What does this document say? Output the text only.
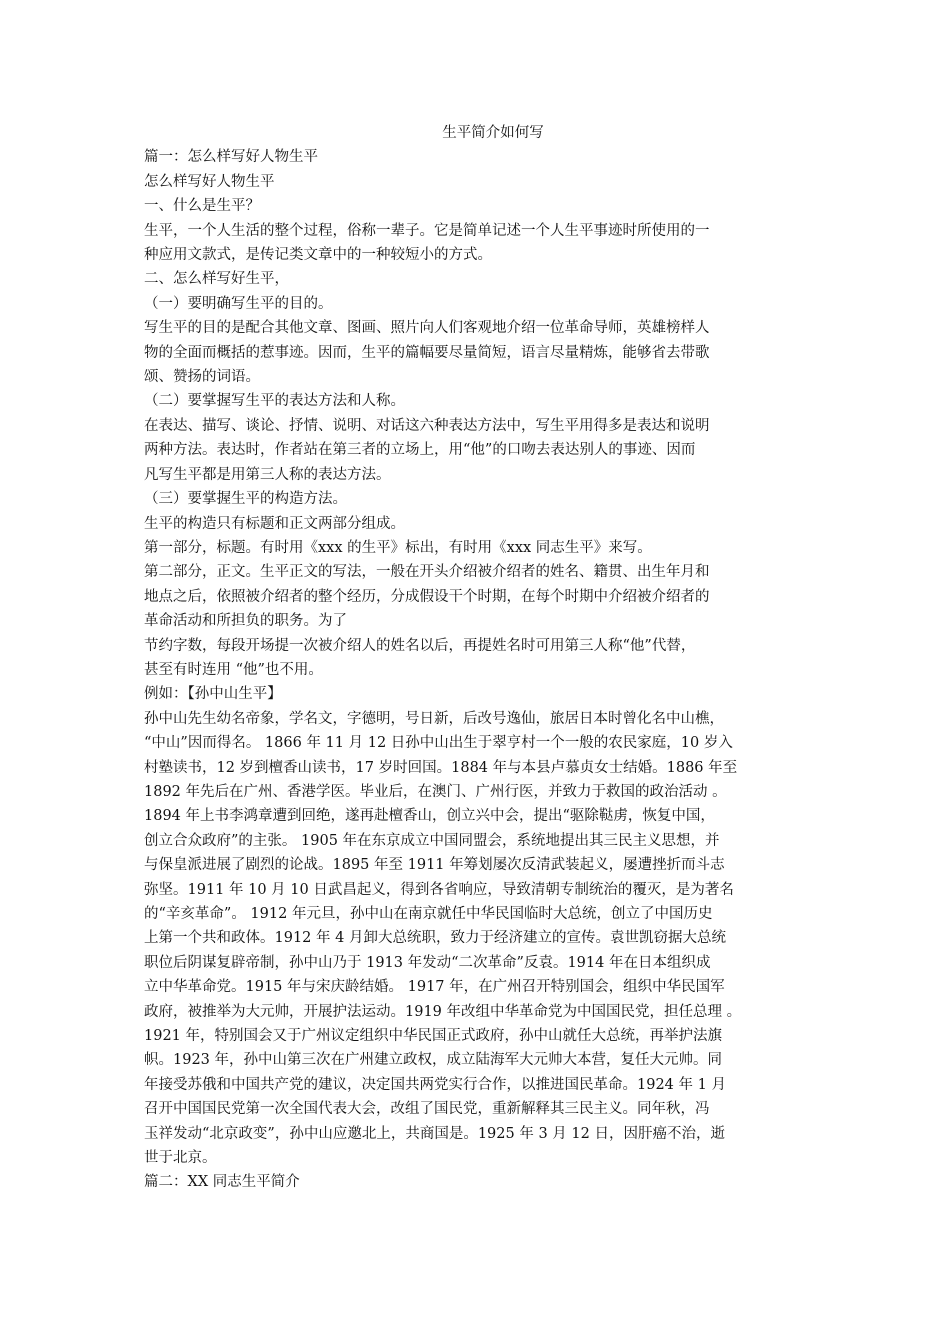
生平简介如何写

篇一：怎么样写好人物生平

怎么样写好人物生平

一、什么是生平？

生平，一个人生活的整个过程，俗称一辈子。它是简单记述一个人生平事迹时所使用的一

种应用文款式，是传记类文章中的一种较短小的方式。

二、怎么样写好生平，

（一）要明确写生平的目的。

写生平的目的是配合其他文章、图画、照片向人们客观地介绍一位革命导师，英雄榜样人

物的全面而概括的惹事迹。因而，生平的篇幅要尽量简短，语言尽量精炼，能够省去带歌

颂、赞扬的词语。

（二）要掌握写生平的表达方法和人称。

在表达、描写、谈论、抒情、说明、对话这六种表达方法中，写生平用得多是表达和说明

两种方法。表达时，作者站在第三者的立场上，用“他”的口吻去表达别人的事迹、因而

凡写生平都是用第三人称的表达方法。

（三）要掌握生平的构造方法。

生平的构造只有标题和正文两部分组成。

第一部分，标题。有时用《xxx 的生平》标出，有时用《xxx 同志生平》来写。

第二部分，正文。生平正文的写法，一般在开头介绍被介绍者的姓名、籍贯、出生年月和

地点之后，依照被介绍者的整个经历，分成假设干个时期，在每个时期中介绍被介绍者的

革命活动和所担负的职务。为了

节约字数，每段开场提一次被介绍人的姓名以后，再提姓名时可用第三人称“他”代替，

甚至有时连用 “他”也不用。

例如：【孙中山生平】

孙中山先生幼名帝象，学名文，字德明，号日新，后改号逸仙，旅居日本时曾化名中山樵，

“中山”因而得名。 1866 年 11 月 12 日孙中山出生于翠亨村一个一般的农民家庭，10 岁入

村塾读书，12 岁到檀香山读书，17 岁时回国。1884 年与本县卢慕贞女士结婚。1886 年至

1892 年先后在广州、香港学医。毕业后，在澳门、广州行医，并致力于救国的政治活动 。

1894 年上书李鸿章遭到回绝，遂再赴檀香山，创立兴中会，提出“驱除鞑虏，恢复中国，

创立合众政府”的主张。 1905 年在东京成立中国同盟会，系统地提出其三民主义思想，并

与保皇派进展了剧烈的论战。1895 年至 1911 年筹划屡次反清武装起义，屡遭挫折而斗志

弥坚。1911 年 10 月 10 日武昌起义，得到各省响应，导致清朝专制统治的覆灭，是为著名

的“辛亥革命”。 1912 年元旦，孙中山在南京就任中华民国临时大总统，创立了中国历史

上第一个共和政体。1912 年 4 月卸大总统职，致力于经济建立的宣传。袁世凯窃据大总统

职位后阴谋复辟帝制，孙中山乃于 1913 年发动“二次革命”反袁。1914 年在日本组织成

立中华革命党。1915 年与宋庆龄结婚。 1917 年，在广州召开特别国会，组织中华民国军

政府，被推举为大元帅，开展护法运动。1919 年改组中华革命党为中国国民党，担任总理 。

1921 年，特别国会又于广州议定组织中华民国正式政府，孙中山就任大总统，再举护法旗

帜。1923 年，孙中山第三次在广州建立政权，成立陆海军大元帅大本营，复任大元帅。同

年接受苏俄和中国共产党的建议，决定国共两党实行合作，以推进国民革命。1924 年 1 月

召开中国国民党第一次全国代表大会，改组了国民党，重新解释其三民主义。同年秋，冯

玉祥发动“北京政变”，孙中山应邀北上，共商国是。1925 年 3 月 12 日，因肝癌不治，逝

世于北京。

篇二：XX 同志生平简介
